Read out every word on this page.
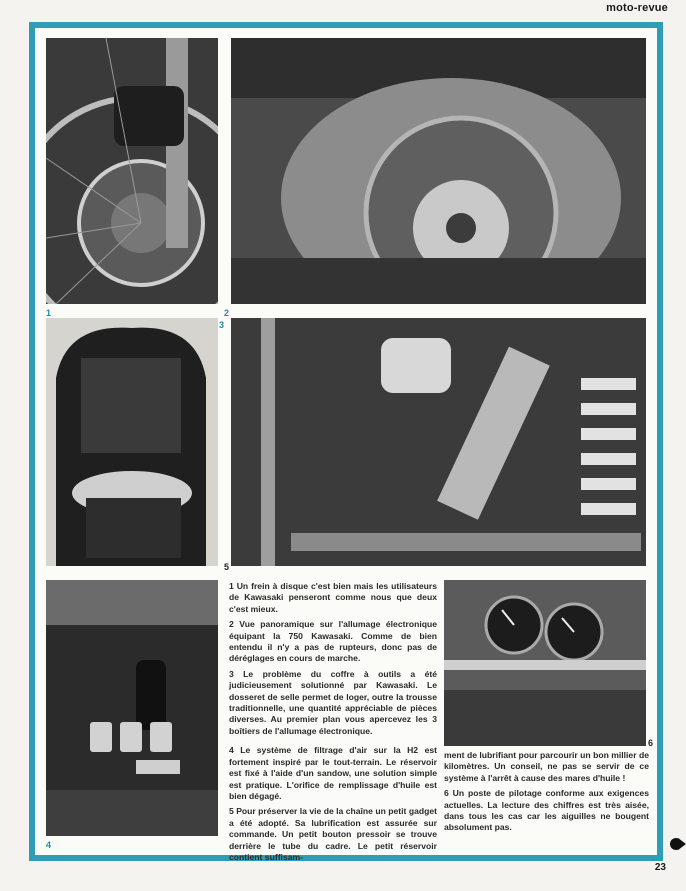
moto-revue
1	2
3
5
4
6

1 Un frein à disque c'est bien mais les utilisateurs de Kawasaki penseront comme nous que deux c'est mieux.

2 Vue panoramique sur l'allumage électronique équipant la 750 Kawasaki. Comme de bien entendu il n'y a pas de rupteurs, donc pas de déréglages en cours de marche.

3 Le problème du coffre à outils a été judicieusement solutionné par Kawasaki. Le dosseret de selle permet de loger, outre la trousse traditionnelle, une quantité appréciable de pièces diverses. Au premier plan vous apercevez les 3 boîtiers de l'allumage électronique.

4 Le système de filtrage d'air sur la H2 est fortement inspiré par le tout-terrain. Le réservoir est fixé à l'aide d'un sandow, une solution simple est pratique. L'orifice de remplissage d'huile est bien dégagé.

5 Pour préserver la vie de la chaîne un petit gadget a été adopté. Sa lubrification est assurée sur commande. Un petit bouton pressoir se trouve derrière le tube du cadre. Le petit réservoir contient suffisam-

ment de lubrifiant pour parcourir un bon millier de kilomètres. Un conseil, ne pas se servir de ce système à l'arrêt à cause des mares d'huile !

6 Un poste de pilotage conforme aux exigences actuelles. La lecture des chiffres est très aisée, dans tous les cas car les aiguilles ne bougent absolument pas.

23
